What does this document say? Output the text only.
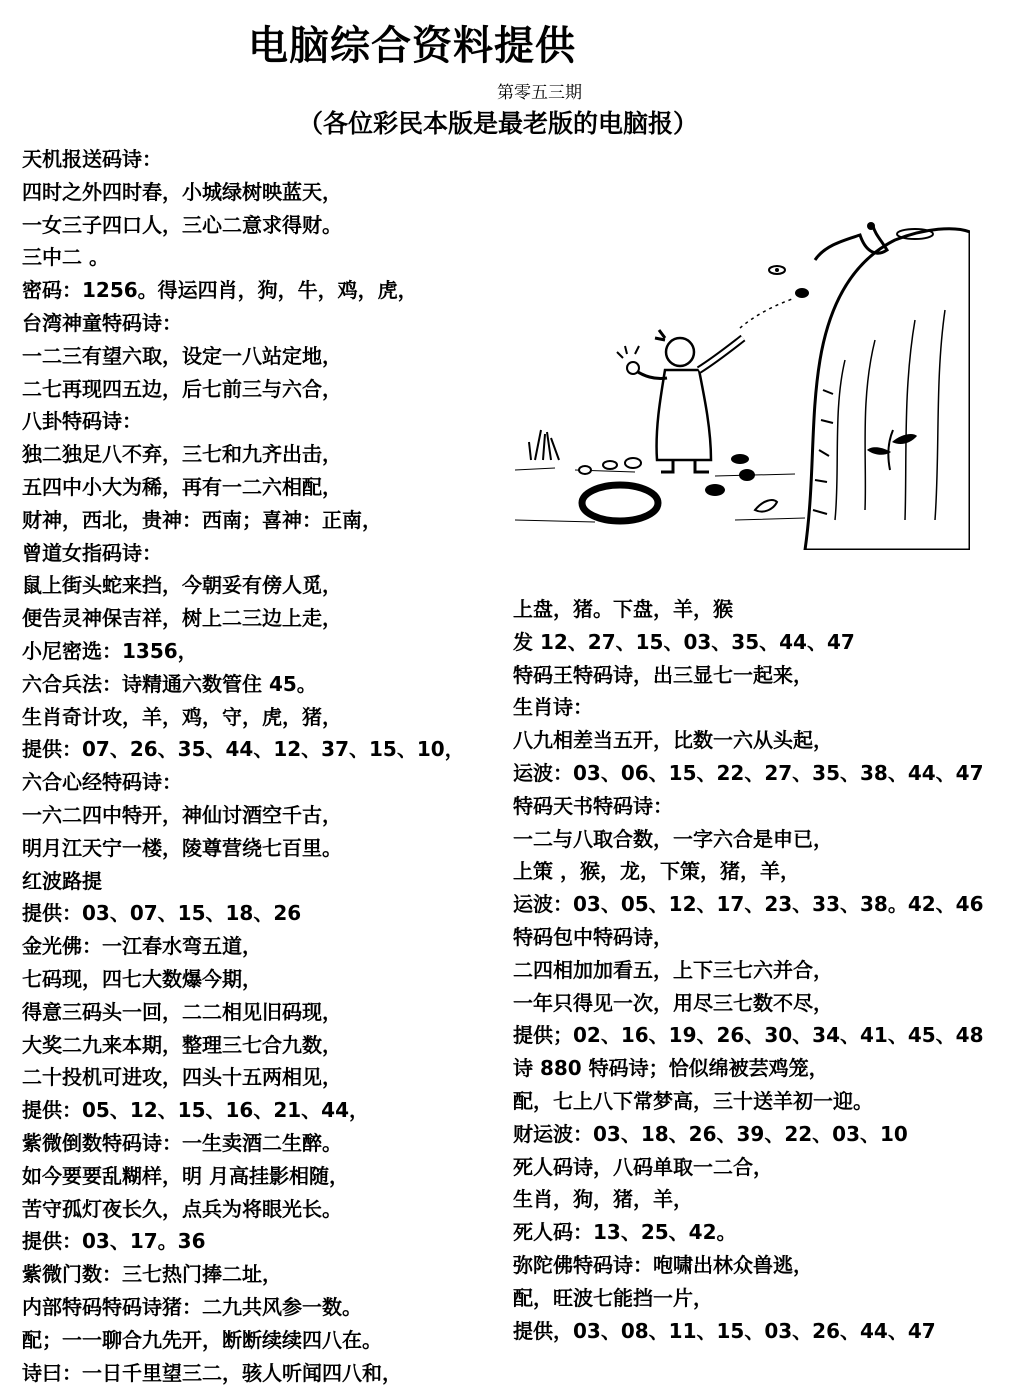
电脑综合资料提供
第零五三期
（各位彩民本版是最老版的电脑报）
天机报送码诗：
四时之外四时春，小城绿树映蓝天，
一女三子四口人，三心二意求得财。
三中二 。
密码：1256。得运四肖，狗，牛，鸡，虎，
台湾神童特码诗：
一二三有望六取，设定一八站定地，
二七再现四五边，后七前三与六合，
八卦特码诗：
独二独足八不弃，三七和九齐出击，
五四中小大为稀，再有一二六相配，
财神，西北，贵神：西南；喜神：正南，
曾道女指码诗：
鼠上街头蛇来挡，今朝妥有傍人觅，
便告灵神保吉祥，树上二三边上走，
小尼密选：1356，
六合兵法：诗精通六数管住 45。
生肖奇计攻，羊，鸡，守，虎，猪，
提供：07、26、35、44、12、37、15、10，
六合心经特码诗：
一六二四中特开，神仙讨酒空千古，
明月江天宁一楼，陵尊营绕七百里。
红波路提
提供：03、07、15、18、26
金光佛：一江春水弯五道，
七码现，四七大数爆今期，
得意三码头一回，二二相见旧码现，
大奖二九来本期，整理三七合九数，
二十投机可进攻，四头十五两相见，
提供：05、12、15、16、21、44，
紫微倒数特码诗：一生卖酒二生醉。
如今要要乱糊样，明 月高挂影相随，
苦守孤灯夜长久，点兵为将眼光长。
提供：03、17。36
紫微门数：三七热门捧二址，
内部特码特码诗猪：二九共风参一数。
配；一一聊合九先开，断断续续四八在。
诗曰：一日千里望三二，骇人听闻四八和，
上盘，猪。下盘，羊，猴
发 12、27、15、03、35、44、47
特码王特码诗，出三显七一起来，
生肖诗：
八九相差当五开，比数一六从头起，
运波：03、06、15、22、27、35、38、44、47
特码天书特码诗：
一二与八取合数，一字六合是申已，
上策 ，猴，龙，下策，猪，羊，
运波：03、05、12、17、23、33、38。42、46
特码包中特码诗，
二四相加加看五，上下三七六并合，
一年只得见一次，用尽三七数不尽，
提供；02、16、19、26、30、34、41、45、48
诗 880 特码诗；恰似绵被芸鸡笼，
配，七上八下常梦高，三十送羊初一迎。
财运波：03、18、26、39、22、03、10
死人码诗，八码单取一二合，
生肖，狗，猪，羊，
死人码：13、25、42。
弥陀佛特码诗：咆啸出林众兽逃，
配，旺波七能挡一片，
提供，03、08、11、15、03、26、44、47
